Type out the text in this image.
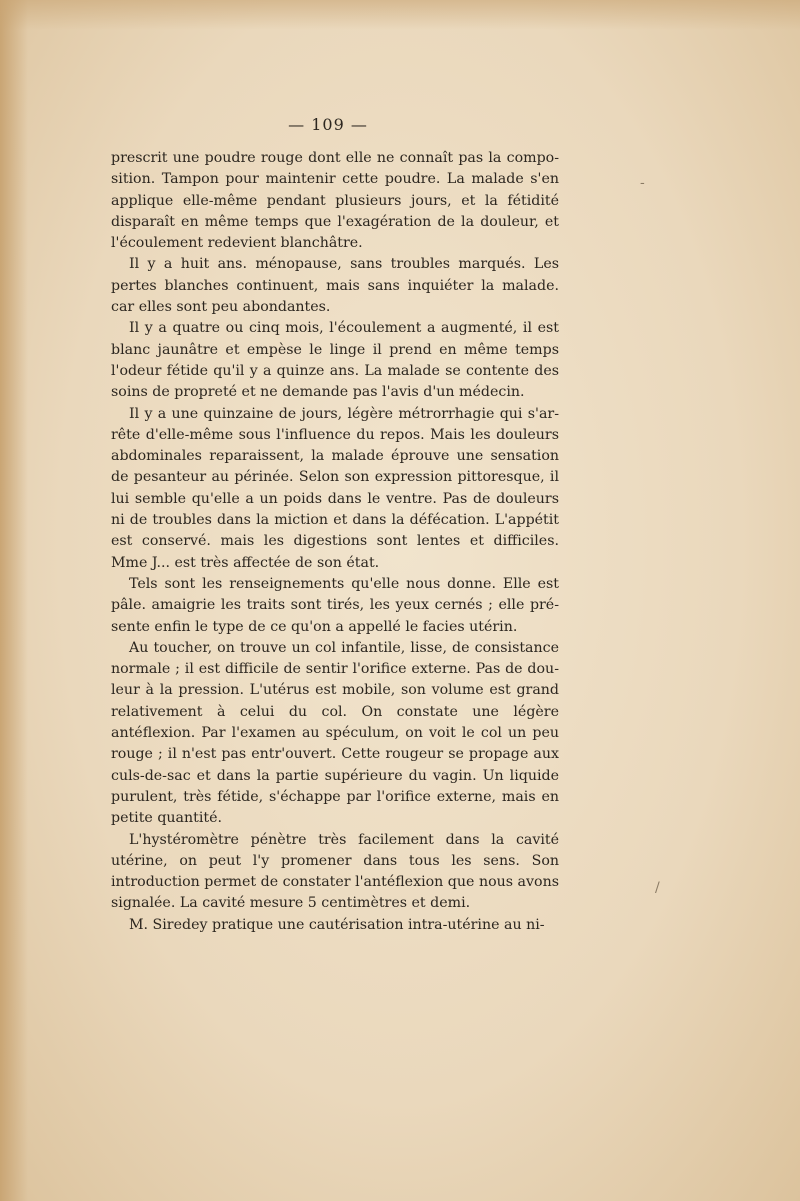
— 109 —

prescrit une poudre rouge dont elle ne connaît pas la composition. Tampon pour maintenir cette poudre. La malade s'en applique elle-même pendant plusieurs jours, et la fétidité disparaît en même temps que l'exagération de la douleur, et l'écoulement redevient blanchâtre.

Il y a huit ans. ménopause, sans troubles marqués. Les pertes blanches continuent, mais sans inquiéter la malade. car elles sont peu abondantes.

Il y a quatre ou cinq mois, l'écoulement a augmenté, il est blanc jaunâtre et empèse le linge il prend en même temps l'odeur fétide qu'il y a quinze ans. La malade se contente des soins de propreté et ne demande pas l'avis d'un médecin.

Il y a une quinzaine de jours, légère métrorrhagie qui s'arrête d'elle-même sous l'influence du repos. Mais les douleurs abdominales reparaissent, la malade éprouve une sensation de pesanteur au périnée. Selon son expression pittoresque, il lui semble qu'elle a un poids dans le ventre. Pas de douleurs ni de troubles dans la miction et dans la défécation. L'appétit est conservé. mais les digestions sont lentes et difficiles. Mme J... est très affectée de son état.

Tels sont les renseignements qu'elle nous donne. Elle est pâle. amaigrie les traits sont tirés, les yeux cernés ; elle présente enfin le type de ce qu'on a appellé le facies utérin.

Au toucher, on trouve un col infantile, lisse, de consistance normale ; il est difficile de sentir l'orifice externe. Pas de douleur à la pression. L'utérus est mobile, son volume est grand relativement à celui du col. On constate une légère antéflexion. Par l'examen au spéculum, on voit le col un peu rouge ; il n'est pas entr'ouvert. Cette rougeur se propage aux culs-de-sac et dans la partie supérieure du vagin. Un liquide purulent, très fétide, s'échappe par l'orifice externe, mais en petite quantité.

L'hystéromètre pénètre très facilement dans la cavité utérine, on peut l'y promener dans tous les sens. Son introduction permet de constater l'antéflexion que nous avons signalée. La cavité mesure 5 centimètres et demi.

M. Siredey pratique une cautérisation intra-utérine au ni-

-
/
